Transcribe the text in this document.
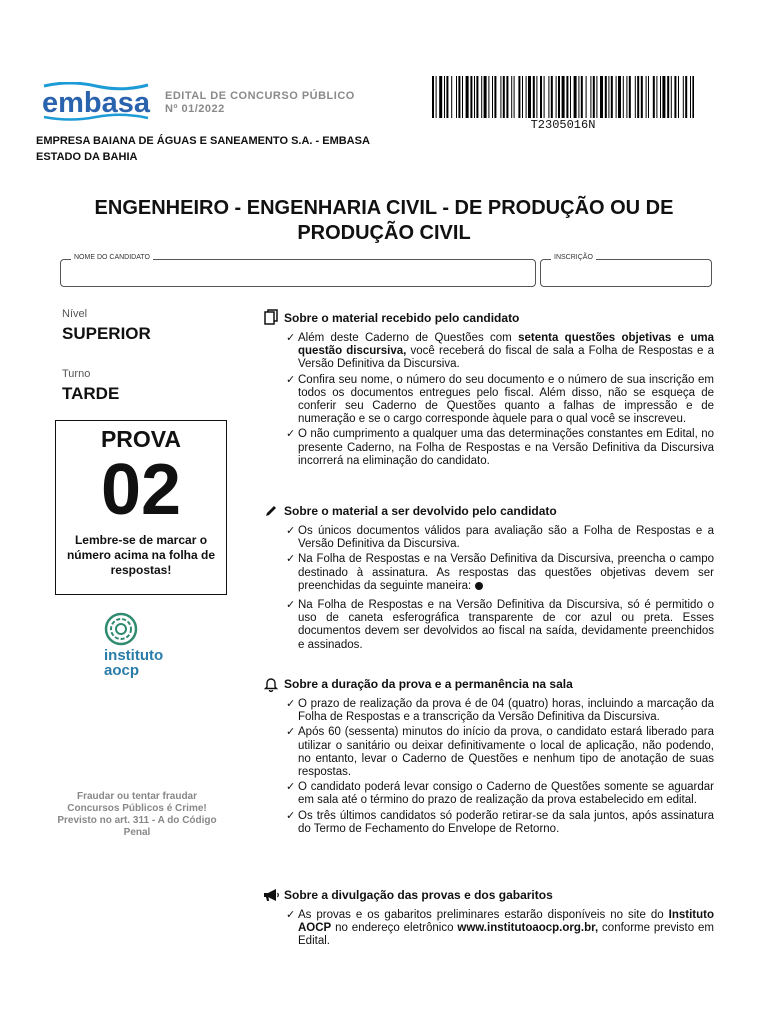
embasa EDITAL DE CONCURSO PÚBLICO
Nº 01/2022
T2305016N
EMPRESA BAIANA DE ÁGUAS E SANEAMENTO S.A. - EMBASA
ESTADO DA BAHIA
ENGENHEIRO - ENGENHARIA CIVIL - DE PRODUÇÃO OU DE
PRODUÇÃO CIVIL
NOME DO CANDIDATO	INSCRIÇÃO
Nível
SUPERIOR
Turno
TARDE
PROVA
02
Lembre-se de marcar o número acima na folha de respostas!
instituto
aocp
Fraudar ou tentar fraudar Concursos Públicos é Crime! Previsto no art. 311 - A do Código Penal
Sobre o material recebido pelo candidato
✓ Além deste Caderno de Questões com setenta questões objetivas e uma questão discursiva, você receberá do fiscal de sala a Folha de Respostas e a Versão Definitiva da Discursiva.
✓ Confira seu nome, o número do seu documento e o número de sua inscrição em todos os documentos entregues pelo fiscal. Além disso, não se esqueça de conferir seu Caderno de Questões quanto a falhas de impressão e de numeração e se o cargo corresponde àquele para o qual você se inscreveu.
✓ O não cumprimento a qualquer uma das determinações constantes em Edital, no presente Caderno, na Folha de Respostas e na Versão Definitiva da Discursiva incorrerá na eliminação do candidato.
Sobre o material a ser devolvido pelo candidato
✓ Os únicos documentos válidos para avaliação são a Folha de Respostas e a Versão Definitiva da Discursiva.
✓ Na Folha de Respostas e na Versão Definitiva da Discursiva, preencha o campo destinado à assinatura. As respostas das questões objetivas devem ser preenchidas da seguinte maneira:
✓ Na Folha de Respostas e na Versão Definitiva da Discursiva, só é permitido o uso de caneta esferográfica transparente de cor azul ou preta. Esses documentos devem ser devolvidos ao fiscal na saída, devidamente preenchidos e assinados.
Sobre a duração da prova e a permanência na sala
✓ O prazo de realização da prova é de 04 (quatro) horas, incluindo a marcação da Folha de Respostas e a transcrição da Versão Definitiva da Discursiva.
✓ Após 60 (sessenta) minutos do início da prova, o candidato estará liberado para utilizar o sanitário ou deixar definitivamente o local de aplicação, não podendo, no entanto, levar o Caderno de Questões e nenhum tipo de anotação de suas respostas.
✓ O candidato poderá levar consigo o Caderno de Questões somente se aguardar em sala até o término do prazo de realização da prova estabelecido em edital.
✓ Os três últimos candidatos só poderão retirar-se da sala juntos, após assinatura do Termo de Fechamento do Envelope de Retorno.
Sobre a divulgação das provas e dos gabaritos
✓ As provas e os gabaritos preliminares estarão disponíveis no site do Instituto AOCP no endereço eletrônico www.institutoaocp.org.br, conforme previsto em Edital.
